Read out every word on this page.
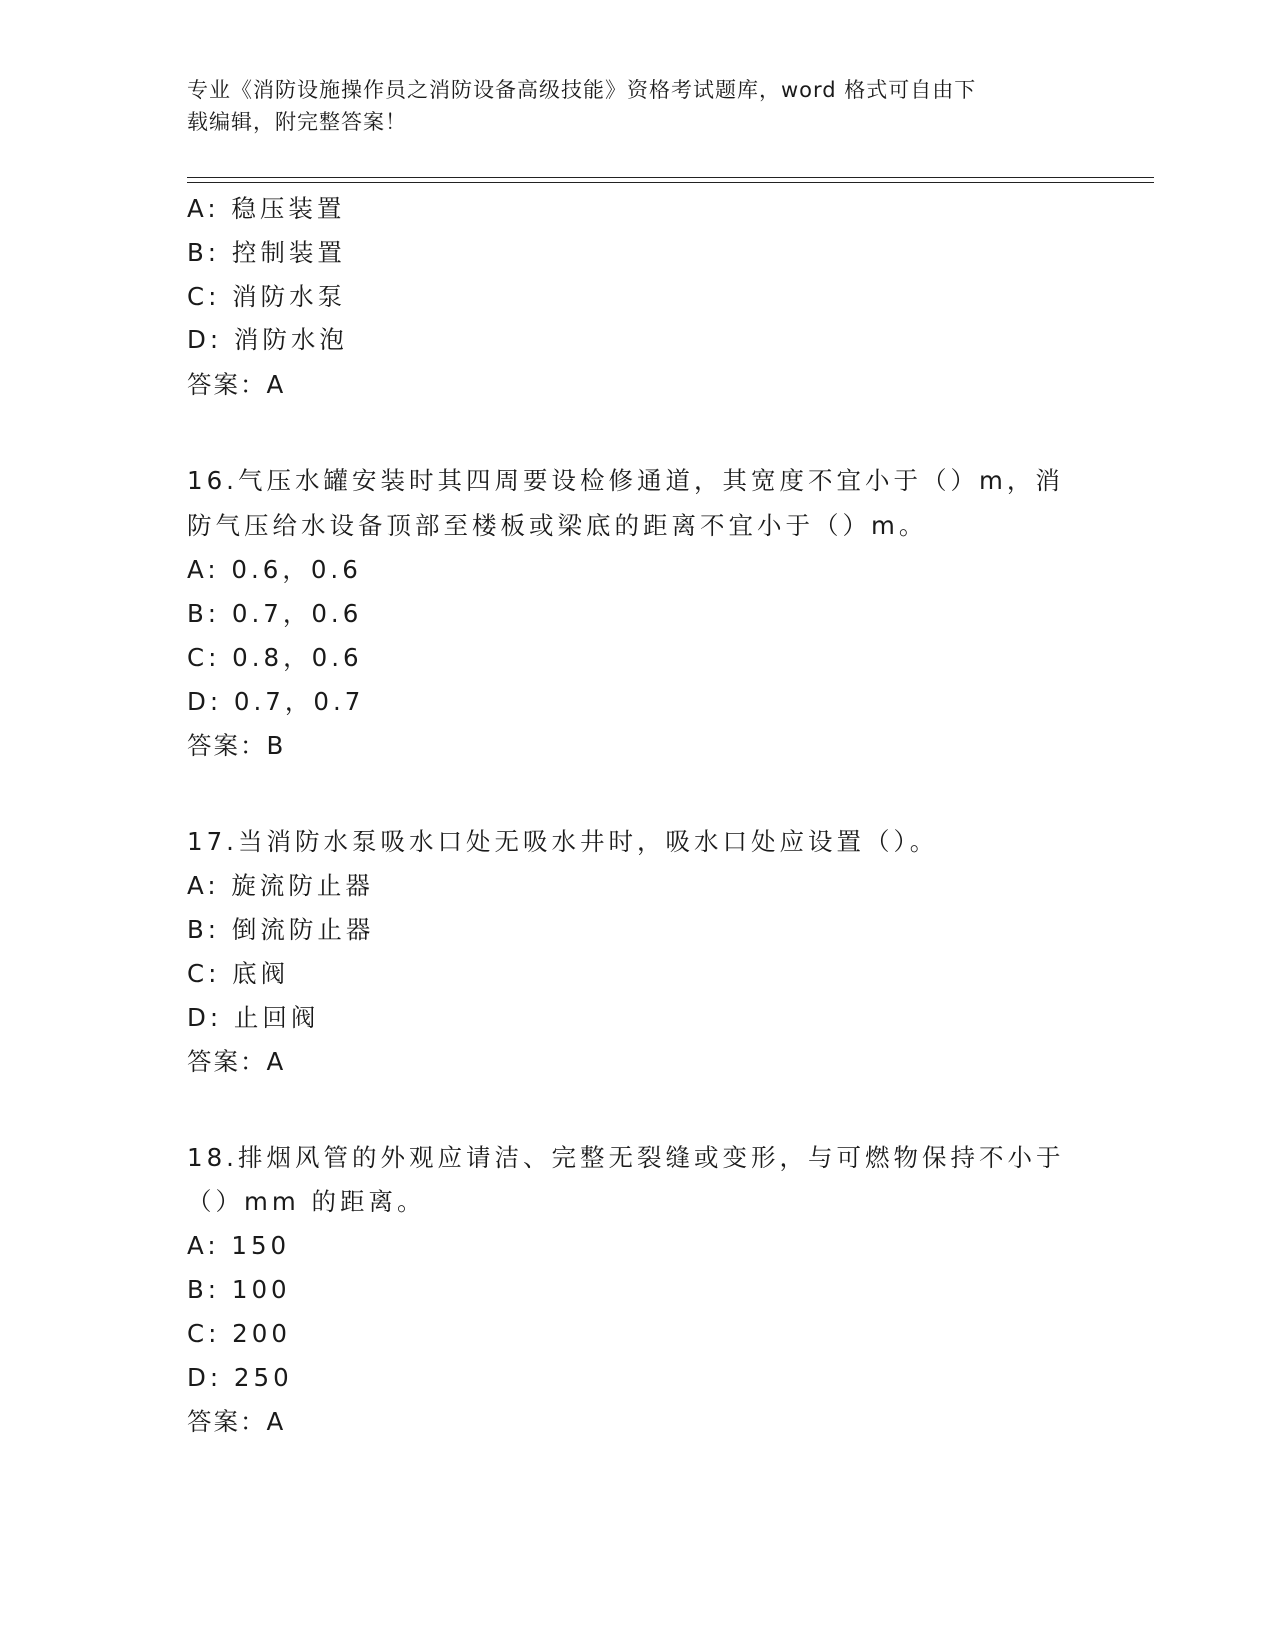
专业《消防设施操作员之消防设备高级技能》资格考试题库，word 格式可自由下
载编辑，附完整答案！
A: 稳压装置
B: 控制装置
C: 消防水泵
D: 消防水泡
答案：A
16.气压水罐安装时其四周要设检修通道，其宽度不宜小于（）m，消
防气压给水设备顶部至楼板或梁底的距离不宜小于（）m。
A: 0.6，0.6
B: 0.7，0.6
C: 0.8，0.6
D: 0.7，0.7
答案：B
17.当消防水泵吸水口处无吸水井时，吸水口处应设置（）。
A: 旋流防止器
B: 倒流防止器
C: 底阀
D: 止回阀
答案：A
18.排烟风管的外观应请洁、完整无裂缝或变形，与可燃物保持不小于
（）mm 的距离。
A: 150
B: 100
C: 200
D: 250
答案：A
